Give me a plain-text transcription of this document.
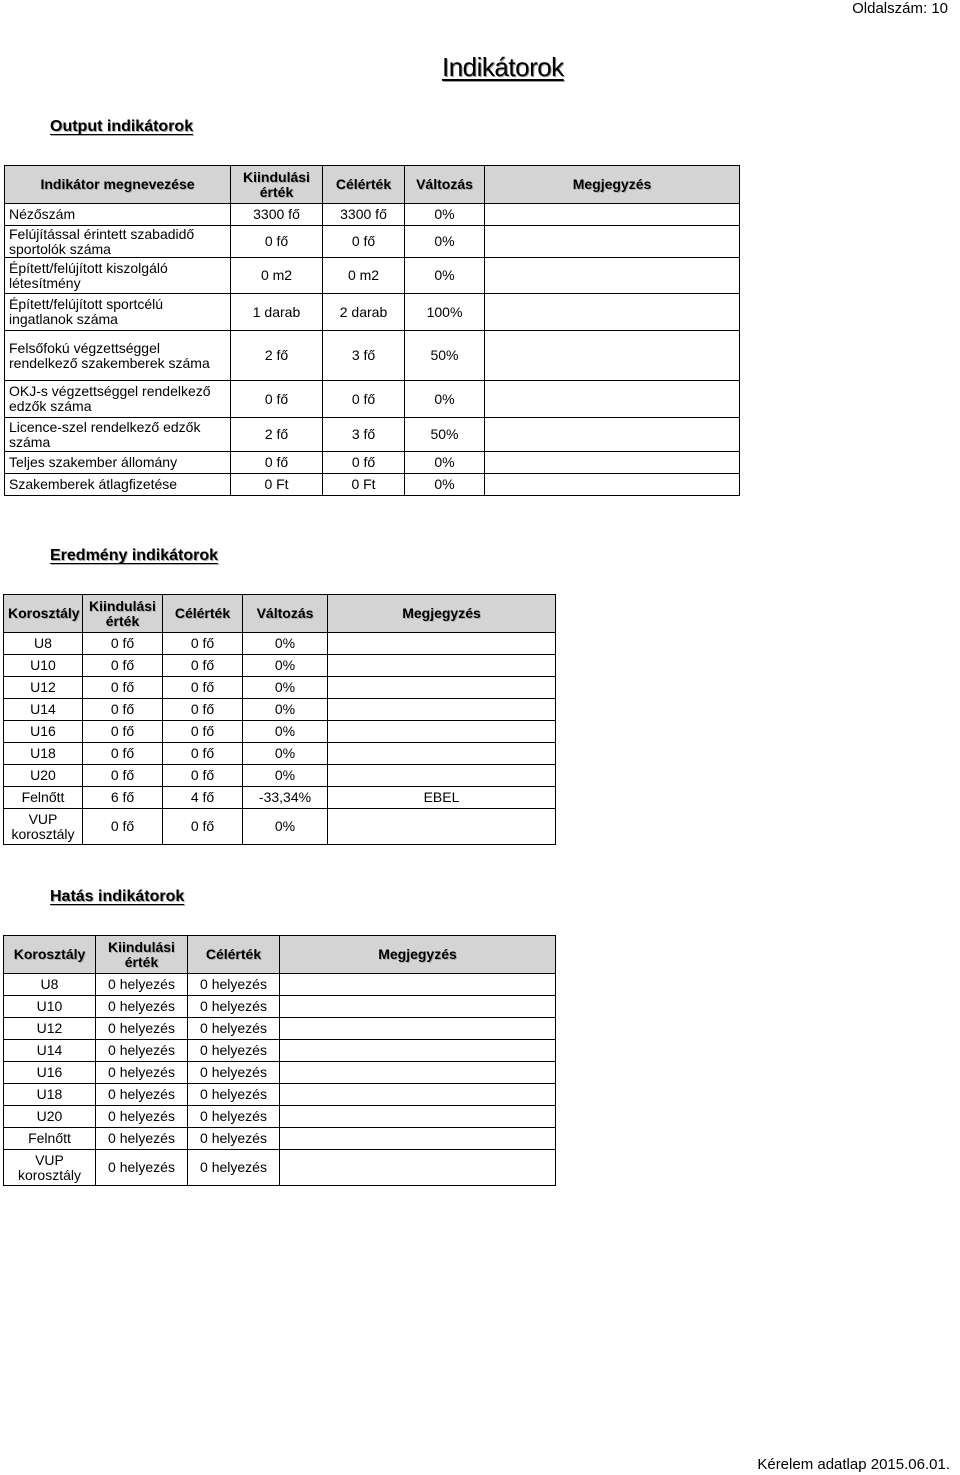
Oldalszám: 10
Indikátorok
Output indikátorok
Indikátor megnevezése	Kiindulási érték	Célérték	Változás	Megjegyzés
Nézőszám	3300 fő	3300 fő	0%	
Felújítással érintett szabadidő sportolók száma	0 fő	0 fő	0%	
Épített/felújított kiszolgáló létesítmény	0 m2	0 m2	0%	
Épített/felújított sportcélú ingatlanok száma	1 darab	2 darab	100%	
Felsőfokú végzettséggel rendelkező szakemberek száma	2 fő	3 fő	50%	
OKJ-s végzettséggel rendelkező edzők száma	0 fő	0 fő	0%	
Licence-szel rendelkező edzők száma	2 fő	3 fő	50%	
Teljes szakember állomány	0 fő	0 fő	0%	
Szakemberek átlagfizetése	0 Ft	0 Ft	0%	
Eredmény indikátorok
Korosztály	Kiindulási érték	Célérték	Változás	Megjegyzés
U8	0 fő	0 fő	0%	
U10	0 fő	0 fő	0%	
U12	0 fő	0 fő	0%	
U14	0 fő	0 fő	0%	
U16	0 fő	0 fő	0%	
U18	0 fő	0 fő	0%	
U20	0 fő	0 fő	0%	
Felnőtt	6 fő	4 fő	-33,34%	EBEL
VUP korosztály	0 fő	0 fő	0%	
Hatás indikátorok
Korosztály	Kiindulási érték	Célérték	Megjegyzés
U8	0 helyezés	0 helyezés	
U10	0 helyezés	0 helyezés	
U12	0 helyezés	0 helyezés	
U14	0 helyezés	0 helyezés	
U16	0 helyezés	0 helyezés	
U18	0 helyezés	0 helyezés	
U20	0 helyezés	0 helyezés	
Felnőtt	0 helyezés	0 helyezés	
VUP korosztály	0 helyezés	0 helyezés	
Kérelem adatlap 2015.06.01.
